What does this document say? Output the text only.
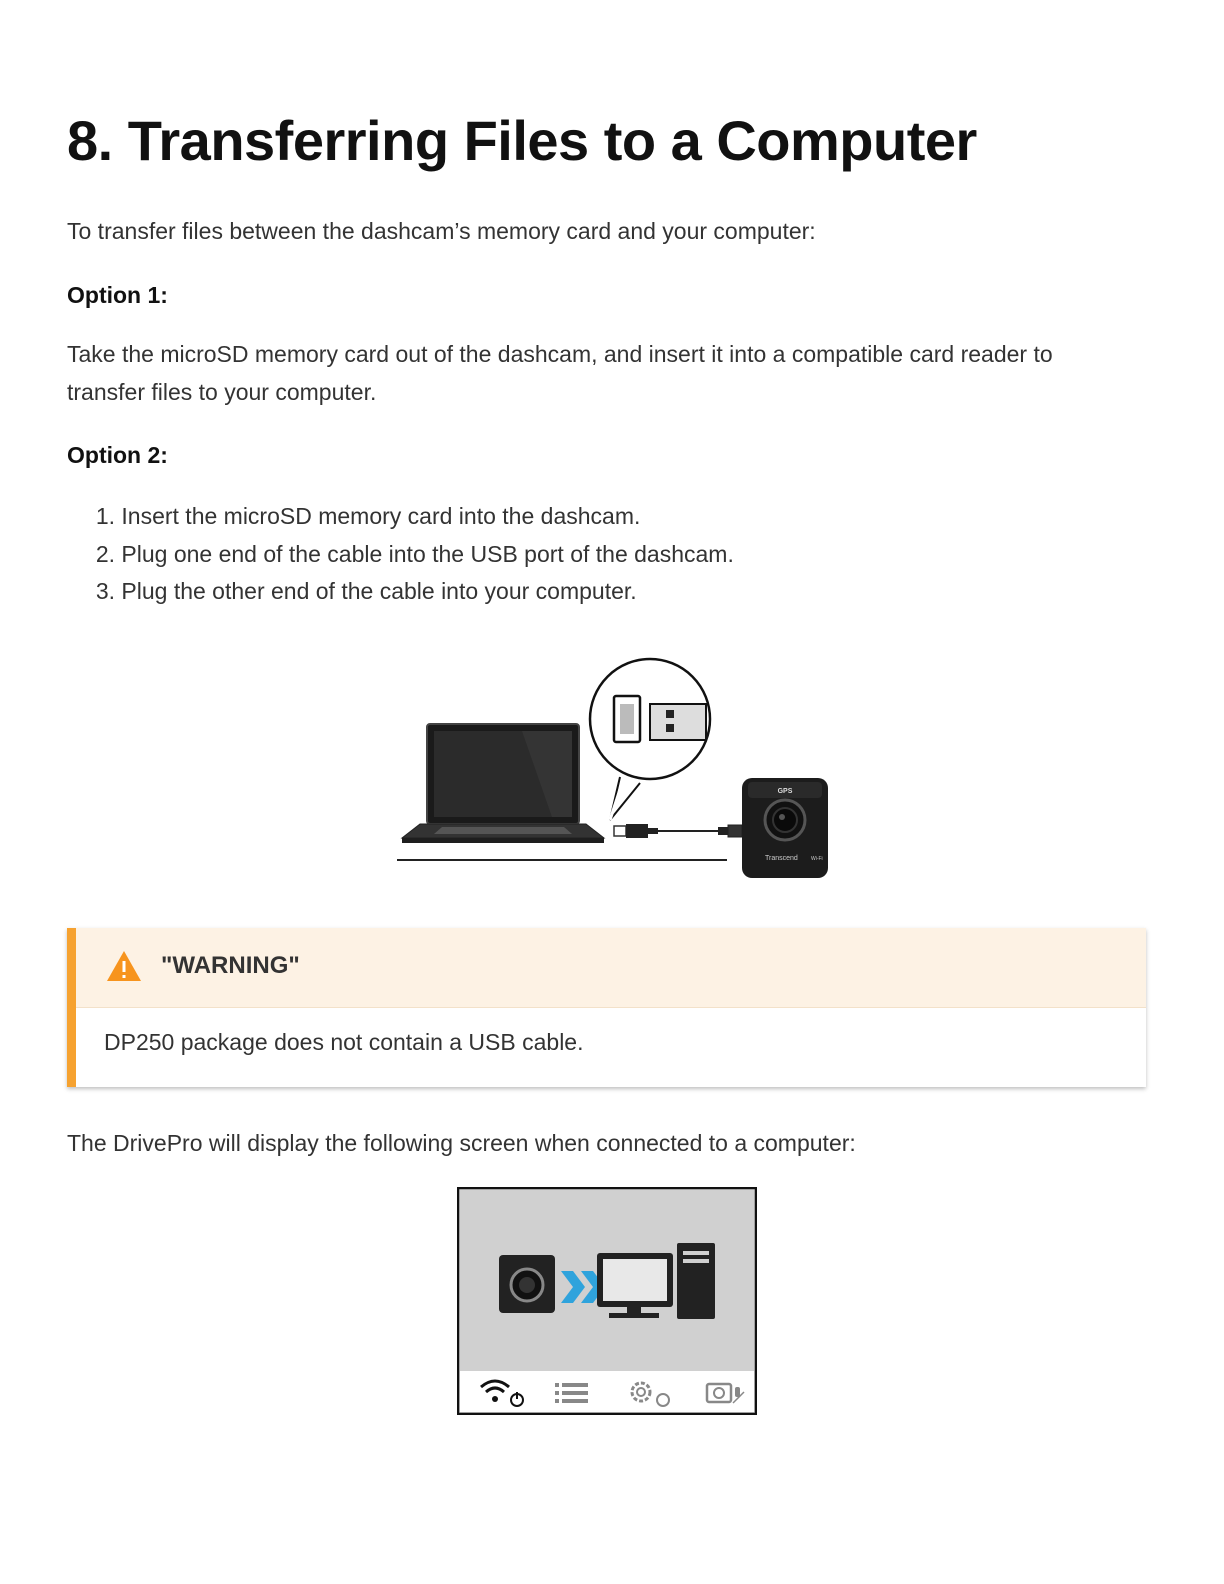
8. Transferring Files to a Computer

To transfer files between the dashcam’s memory card and your computer:

Option 1:

Take the microSD memory card out of the dashcam, and insert it into a compatible card reader to

transfer files to your computer.

Option 2:

1. Insert the microSD memory card into the dashcam.
2. Plug one end of the cable into the USB port of the dashcam.
3. Plug the other end of the cable into your computer.
GPS
Transcend	Wi-Fi
"WARNING"
DP250 package does not contain a USB cable.

The DrivePro will display the following screen when connected to a computer:
